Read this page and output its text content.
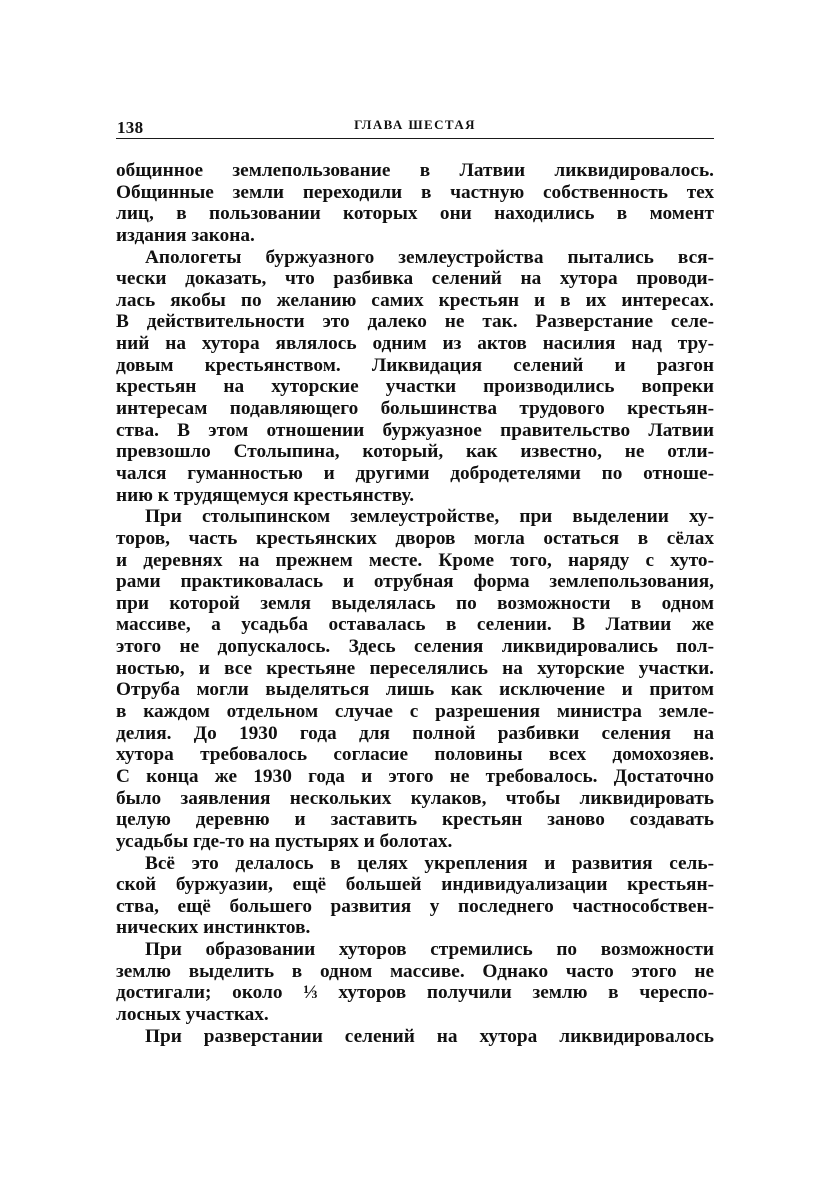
138	ГЛАВА ШЕСТАЯ
общинное землепользование в Латвии ликвидировалось.
Общинные земли переходили в частную собственность тех
лиц, в пользовании которых они находились в момент
издания закона.
Апологеты буржуазного землеустройства пытались вся-
чески доказать, что разбивка селений на хутора проводи-
лась якобы по желанию самих крестьян и в их интересах.
В действительности это далеко не так. Разверстание селе-
ний на хутора являлось одним из актов насилия над тру-
довым крестьянством. Ликвидация селений и разгон
крестьян на хуторские участки производились вопреки
интересам подавляющего большинства трудового крестьян-
ства. В этом отношении буржуазное правительство Латвии
превзошло Столыпина, который, как известно, не отли-
чался гуманностью и другими добродетелями по отноше-
нию к трудящемуся крестьянству.
При столыпинском землеустройстве, при выделении ху-
торов, часть крестьянских дворов могла остаться в сёлах
и деревнях на прежнем месте. Кроме того, наряду с хуто-
рами практиковалась и отрубная форма землепользования,
при которой земля выделялась по возможности в одном
массиве, а усадьба оставалась в селении. В Латвии же
этого не допускалось. Здесь селения ликвидировались пол-
ностью, и все крестьяне переселялись на хуторские участки.
Отруба могли выделяться лишь как исключение и притом
в каждом отдельном случае с разрешения министра земле-
делия. До 1930 года для полной разбивки селения на
хутора требовалось согласие половины всех домохозяев.
С конца же 1930 года и этого не требовалось. Достаточно
было заявления нескольких кулаков, чтобы ликвидировать
целую деревню и заставить крестьян заново создавать
усадьбы где-то на пустырях и болотах.
Всё это делалось в целях укрепления и развития сель-
ской буржуазии, ещё большей индивидуализации крестьян-
ства, ещё большего развития у последнего частнособствен-
нических инстинктов.
При образовании хуторов стремились по возможности
землю выделить в одном массиве. Однако часто этого не
достигали; около ⅓ хуторов получили землю в череспо-
лосных участках.
При разверстании селений на хутора ликвидировалось
